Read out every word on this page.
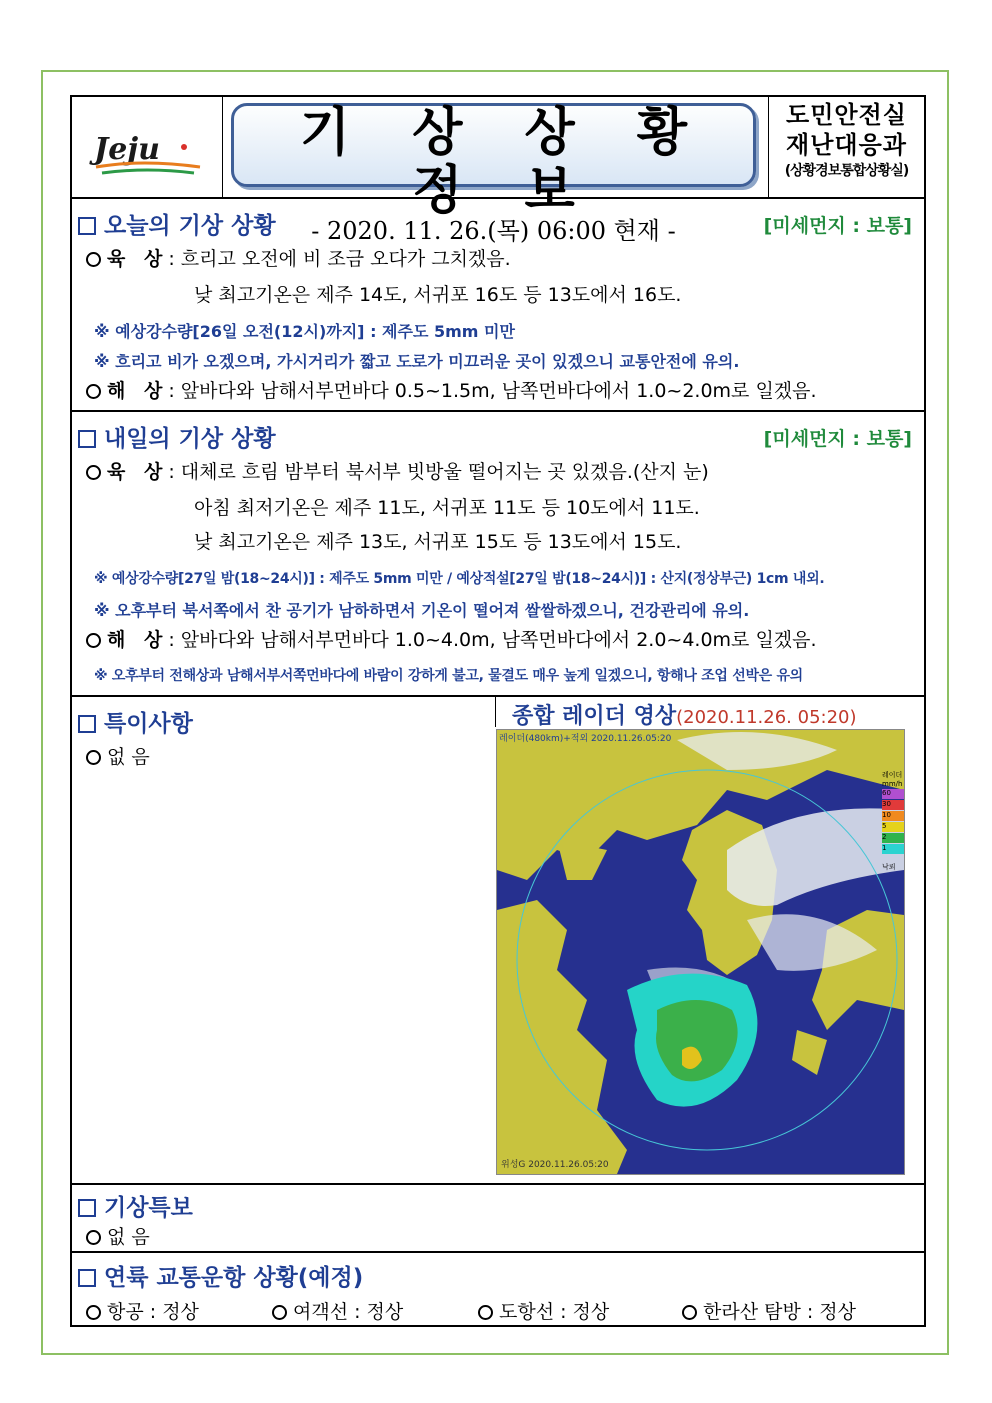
Jeju	기 상 상 황 정 보
- 2020. 11. 26.(목) 06:00 현재 -
도민안전실
재난대응과
(상황경보통합상황실)
오늘의 기상 상황	[미세먼지 : 보통]
육 상: 흐리고 오전에 비 조금 오다가 그치겠음.
낮 최고기온은 제주 14도, 서귀포 16도 등 13도에서 16도.
※ 예상강수량[26일 오전(12시)까지] : 제주도 5mm 미만
※ 흐리고 비가 오겠으며, 가시거리가 짧고 도로가 미끄러운 곳이 있겠으니 교통안전에 유의.
해 상: 앞바다와 남해서부먼바다 0.5~1.5m, 남쪽먼바다에서 1.0~2.0m로 일겠음.
내일의 기상 상황	[미세먼지 : 보통]
육 상: 대체로 흐림 밤부터 북서부 빗방울 떨어지는 곳 있겠음.(산지 눈)
아침 최저기온은 제주 11도, 서귀포 11도 등 10도에서 11도.
낮 최고기온은 제주 13도, 서귀포 15도 등 13도에서 15도.
※ 예상강수량[27일 밤(18~24시)] : 제주도 5mm 미만 / 예상적설[27일 밤(18~24시)] : 산지(정상부근) 1cm 내외.
※ 오후부터 북서쪽에서 찬 공기가 남하하면서 기온이 떨어져 쌀쌀하겠으니, 건강관리에 유의.
해 상: 앞바다와 남해서부먼바다 1.0~4.0m, 남쪽먼바다에서 2.0~4.0m로 일겠음.
※ 오후부터 전해상과 남해서부서쪽먼바다에 바람이 강하게 불고, 물결도 매우 높게 일겠으니, 항해나 조업 선박은 유의
특이사항
없 음
종합 레이더 영상(2020.11.26. 05:20)
레이더(480km)+적외 2020.11.26.05:20
레이더
mm/h
60
30
10
5
2
1
낙뢰
위성G 2020.11.26.05:20
기상특보
없 음
연륙 교통운항 상황(예정)
항공 : 정상	여객선 : 정상	도항선 : 정상	한라산 탐방 : 정상
